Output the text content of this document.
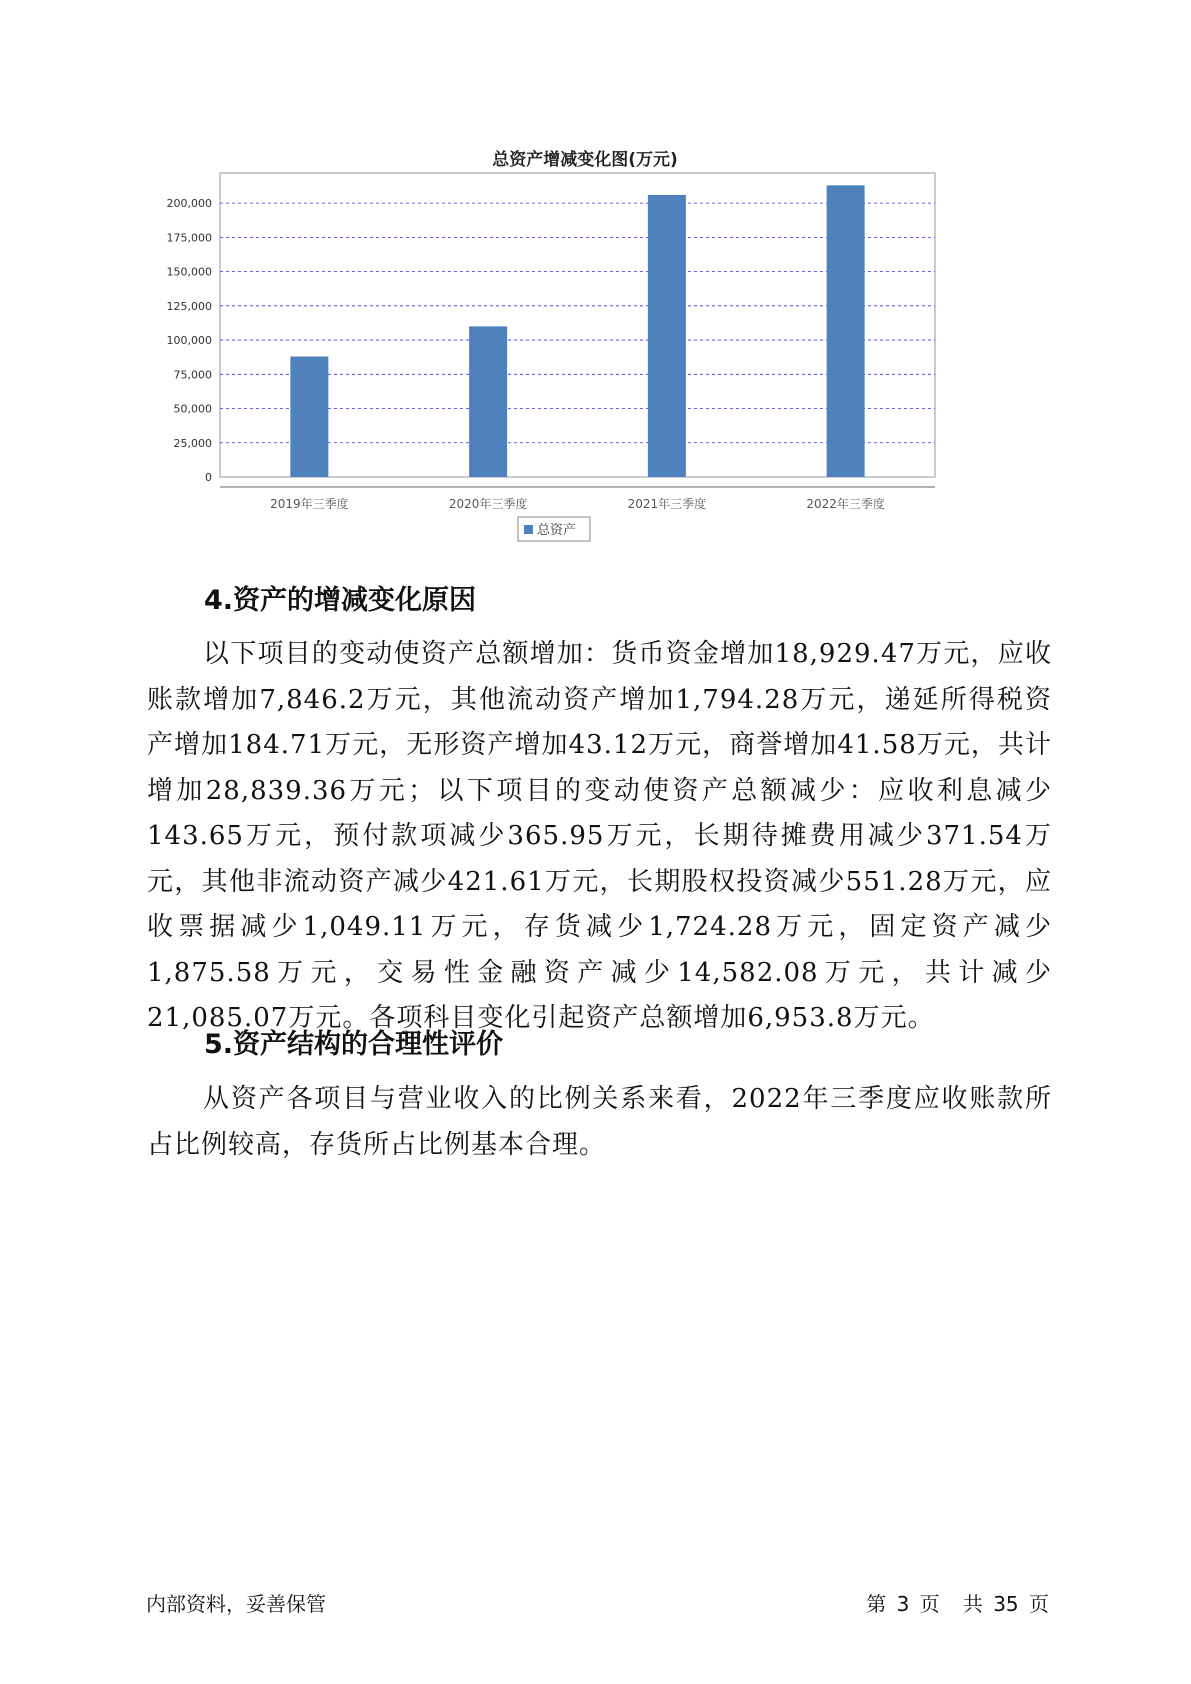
总资产增减变化图(万元)
0
25,000
50,000
75,000
100,000
125,000
150,000
175,000
200,000
2019年三季度	2020年三季度	2021年三季度	2022年三季度
总资产
4.资产的增减变化原因

以下项目的变动使资产总额增加：货币资金增加18,929.47万元，应收账款增加7,846.2万元，其他流动资产增加1,794.28万元，递延所得税资产增加184.71万元，无形资产增加43.12万元，商誉增加41.58万元，共计增加28,839.36万元；以下项目的变动使资产总额减少：应收利息减少143.65万元，预付款项减少365.95万元，长期待摊费用减少371.54万元，其他非流动资产减少421.61万元，长期股权投资减少551.28万元，应收票据减少1,049.11万元，存货减少1,724.28万元，固定资产减少1,875.58万元，交易性金融资产减少14,582.08万元，共计减少21,085.07万元。各项科目变化引起资产总额增加6,953.8万元。

5.资产结构的合理性评价

从资产各项目与营业收入的比例关系来看，2022年三季度应收账款所占比例较高，存货所占比例基本合理。

内部资料，妥善保管	第 3 页 共 35 页
